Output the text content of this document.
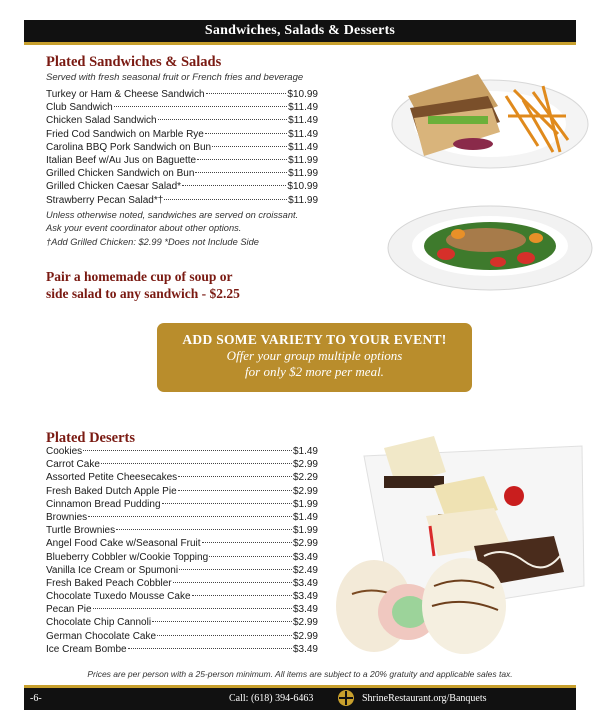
Sandwiches, Salads & Desserts
Plated Sandwiches & Salads
Served with fresh seasonal fruit or French fries and beverage
Turkey or Ham & Cheese Sandwich	$10.99
Club Sandwich	$11.49
Chicken Salad Sandwich	$11.49
Fried Cod Sandwich on Marble Rye	$11.49
Carolina BBQ Pork Sandwich on Bun	$11.49
Italian Beef w/Au Jus on Baguette	$11.99
Grilled Chicken Sandwich on Bun	$11.99
Grilled Chicken Caesar Salad*	$10.99
Strawberry Pecan Salad*†	$11.99
Unless otherwise noted, sandwiches are served on croissant.
Ask your event coordinator about other options.
†Add Grilled Chicken: $2.99 *Does not Include Side
Pair a homemade cup of soup or
side salad to any sandwich - $2.25
ADD SOME VARIETY TO YOUR EVENT!
Offer your group multiple options
for only $2 more per meal.
Plated Deserts
Cookies	$1.49
Carrot Cake	$2.99
Assorted Petite Cheesecakes	$2.29
Fresh Baked Dutch Apple Pie	$2.99
Cinnamon Bread Pudding	$1.99
Brownies	$1.49
Turtle Brownies	$1.99
Angel Food Cake w/Seasonal Fruit	$2.99
Blueberry Cobbler w/Cookie Topping	$3.49
Vanilla Ice Cream or Spumoni	$2.49
Fresh Baked Peach Cobbler	$3.49
Chocolate Tuxedo Mousse Cake	$3.49
Pecan Pie	$3.49
Chocolate Chip Cannoli	$2.99
German Chocolate Cake	$2.99
Ice Cream Bombe	$3.49
Prices are per person with a 25-person minimum. All items are subject to a 20% gratuity and applicable sales tax.
-6-	Call: (618) 394-6463	ShrineRestaurant.org/Banquets
